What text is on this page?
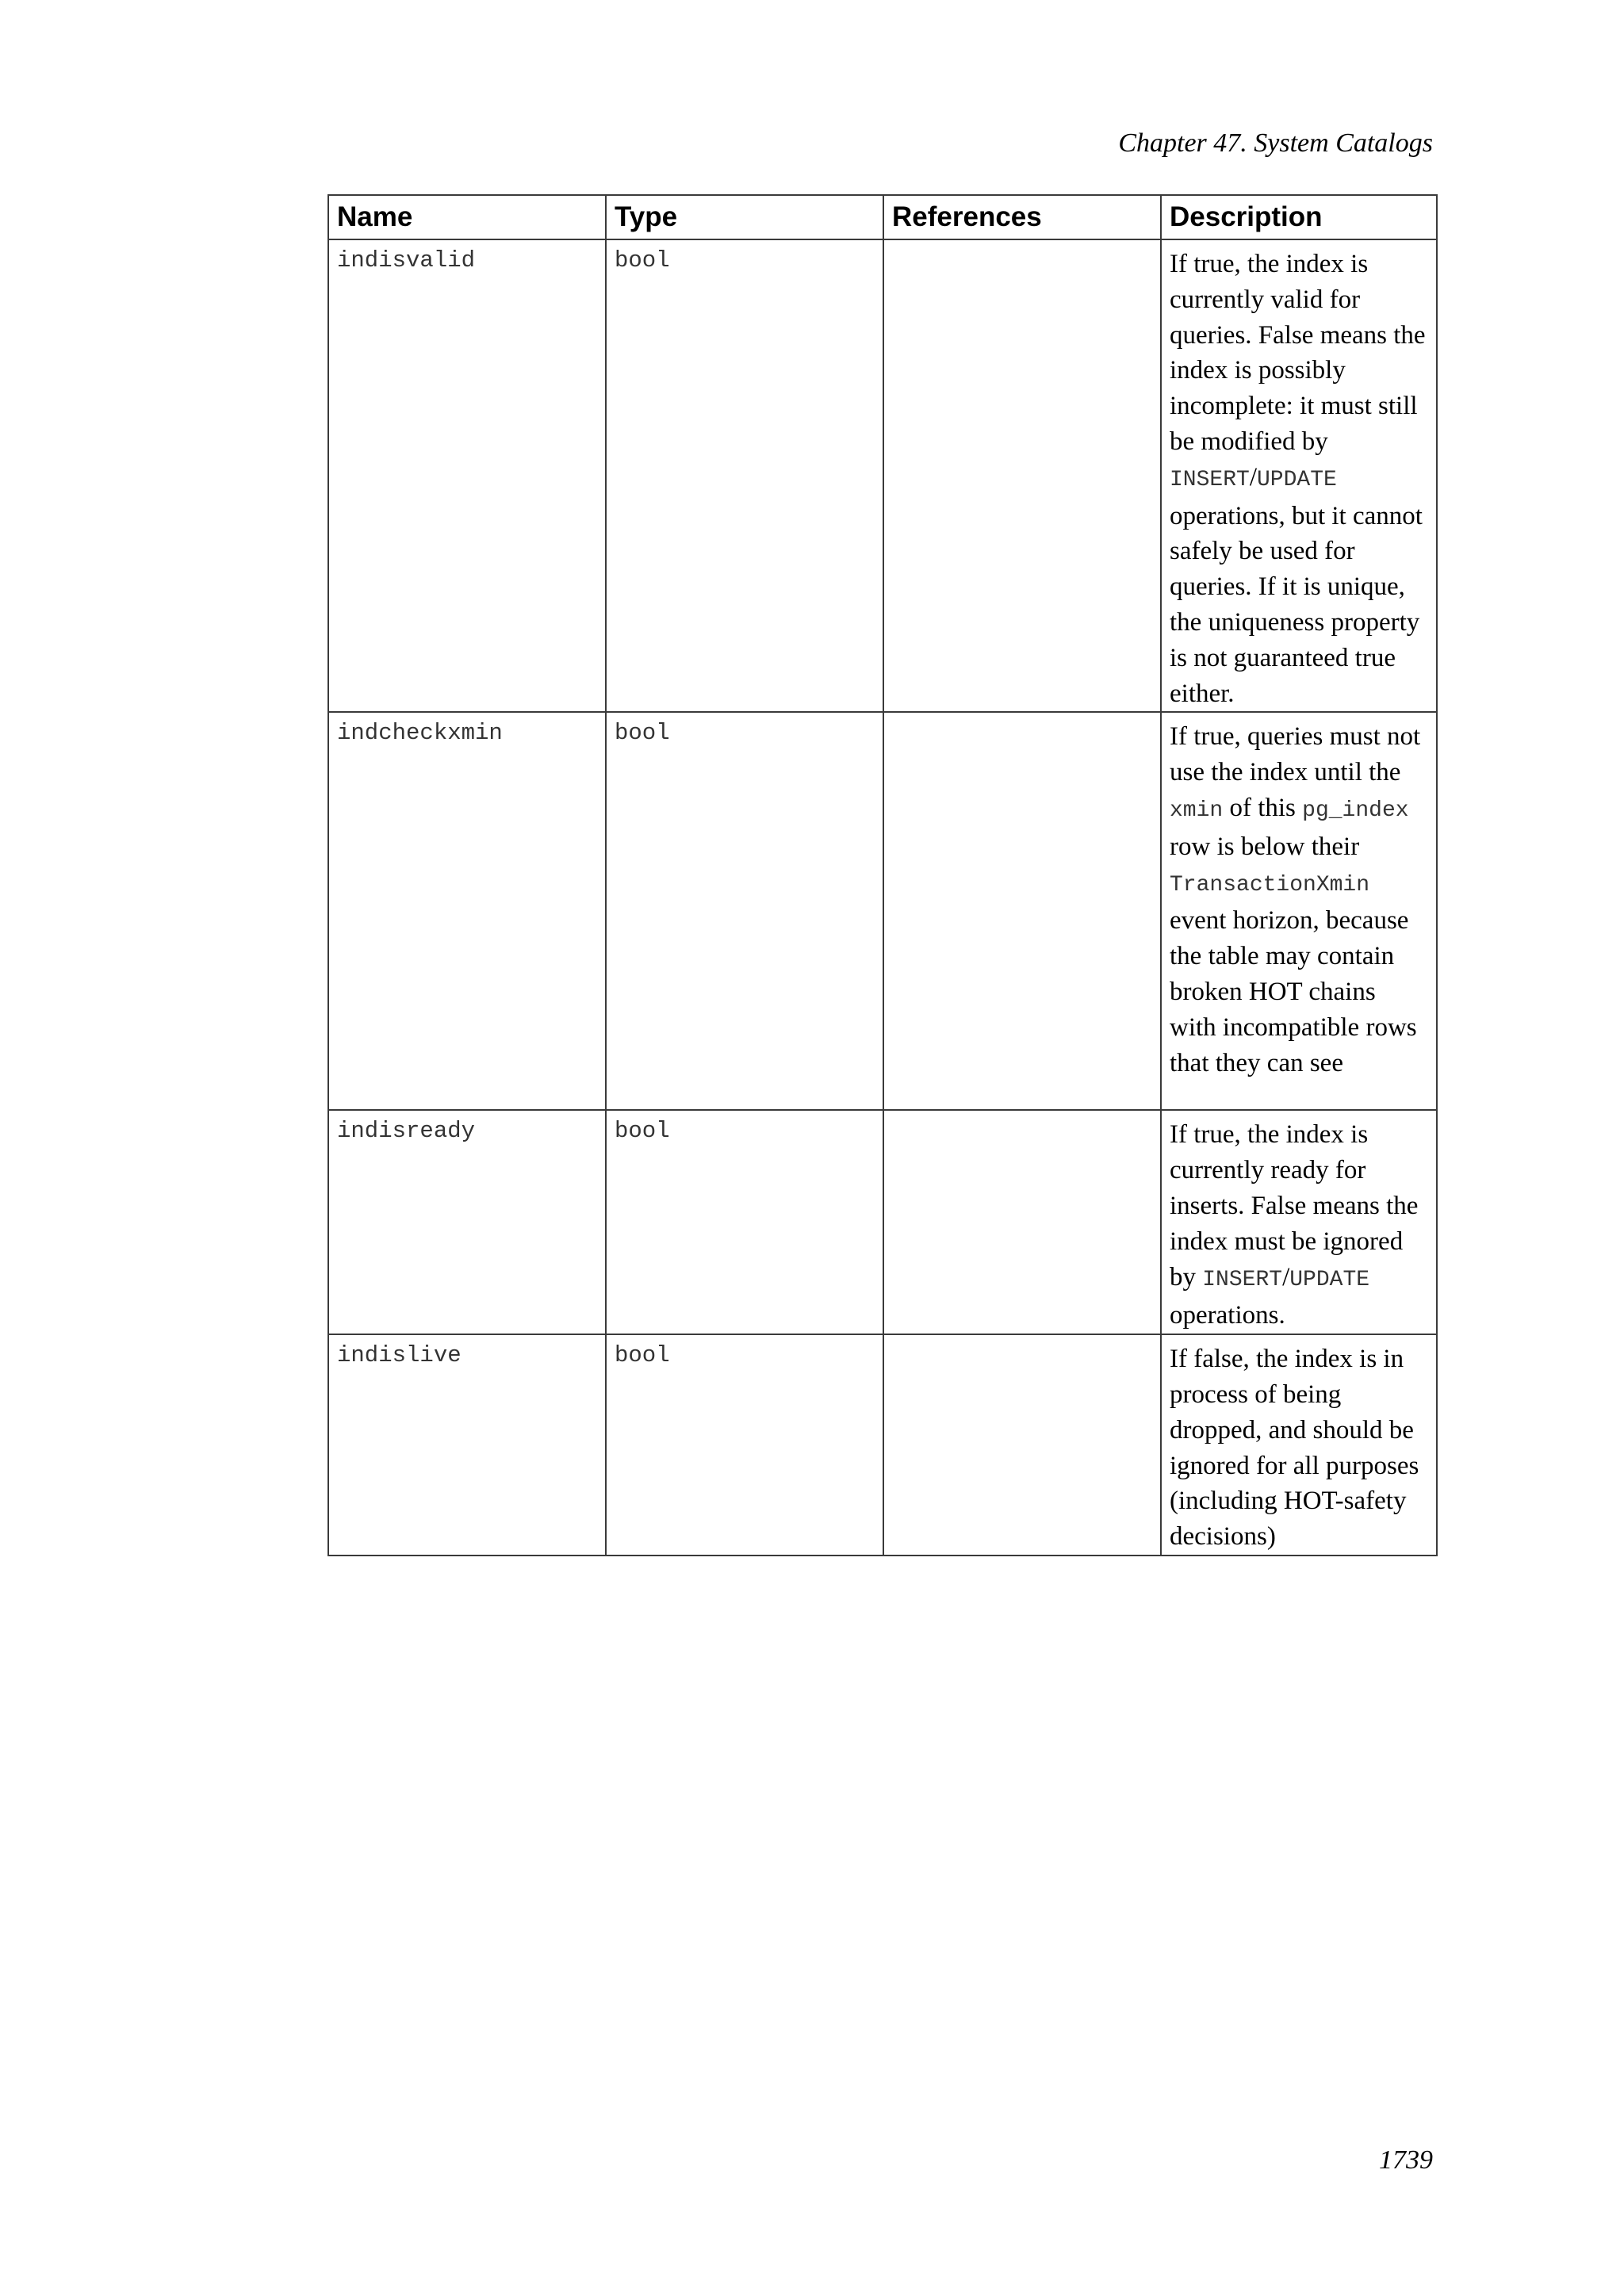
Chapter 47. System Catalogs
Name	Type	References	Description
indisvalid	bool		If true, the index is currently valid for queries. False means the index is possibly incomplete: it must still be modified by INSERT/UPDATE operations, but it cannot safely be used for queries. If it is unique, the uniqueness property is not guaranteed true either.
indcheckxmin	bool		If true, queries must not use the index until the xmin of this pg_index row is below their TransactionXmin event horizon, because the table may contain broken HOT chains with incompatible rows that they can see
indisready	bool		If true, the index is currently ready for inserts. False means the index must be ignored by INSERT/UPDATE operations.
indislive	bool		If false, the index is in process of being dropped, and should be ignored for all purposes (including HOT-safety decisions)
1739
